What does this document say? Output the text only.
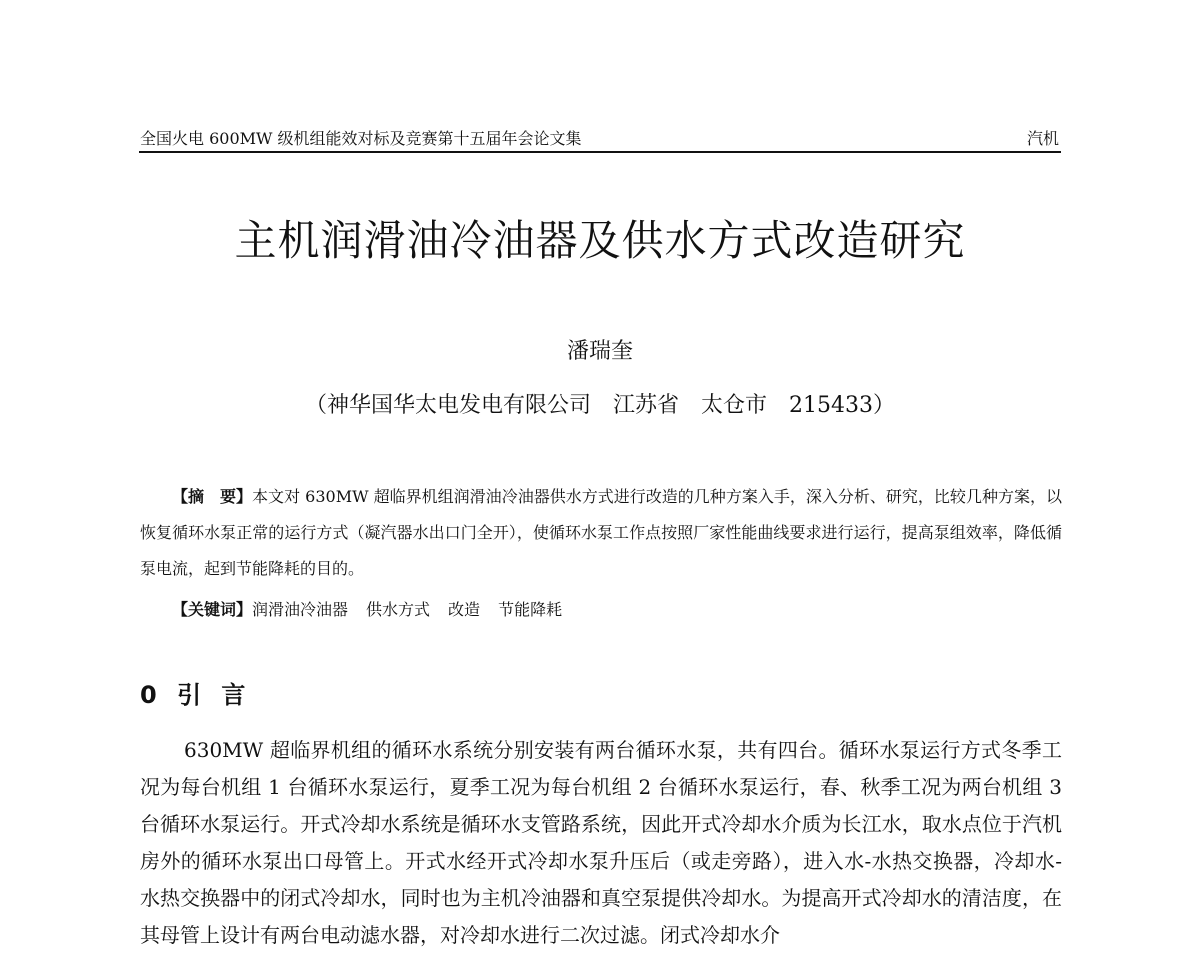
全国火电 600MW 级机组能效对标及竞赛第十五届年会论文集	汽机
主机润滑油冷油器及供水方式改造研究
潘瑞奎
（神华国华太电发电有限公司　江苏省　太仓市　215433）
【摘　要】本文对 630MW 超临界机组润滑油冷油器供水方式进行改造的几种方案入手，深入分析、研究，比较几种方案，以恢复循环水泵正常的运行方式（凝汽器水出口门全开），使循环水泵工作点按照厂家性能曲线要求进行运行，提高泵组效率，降低循泵电流，起到节能降耗的目的。
【关键词】润滑油冷油器 供水方式 改造 节能降耗
0 引 言
630MW 超临界机组的循环水系统分别安装有两台循环水泵，共有四台。循环水泵运行方式冬季工况为每台机组 1 台循环水泵运行，夏季工况为每台机组 2 台循环水泵运行，春、秋季工况为两台机组 3 台循环水泵运行。开式冷却水系统是循环水支管路系统，因此开式冷却水介质为长江水，取水点位于汽机房外的循环水泵出口母管上。开式水经开式冷却水泵升压后（或走旁路），进入水-水热交换器，冷却水-水热交换器中的闭式冷却水，同时也为主机冷油器和真空泵提供冷却水。为提高开式冷却水的清洁度，在其母管上设计有两台电动滤水器，对冷却水进行二次过滤。闭式冷却水介
